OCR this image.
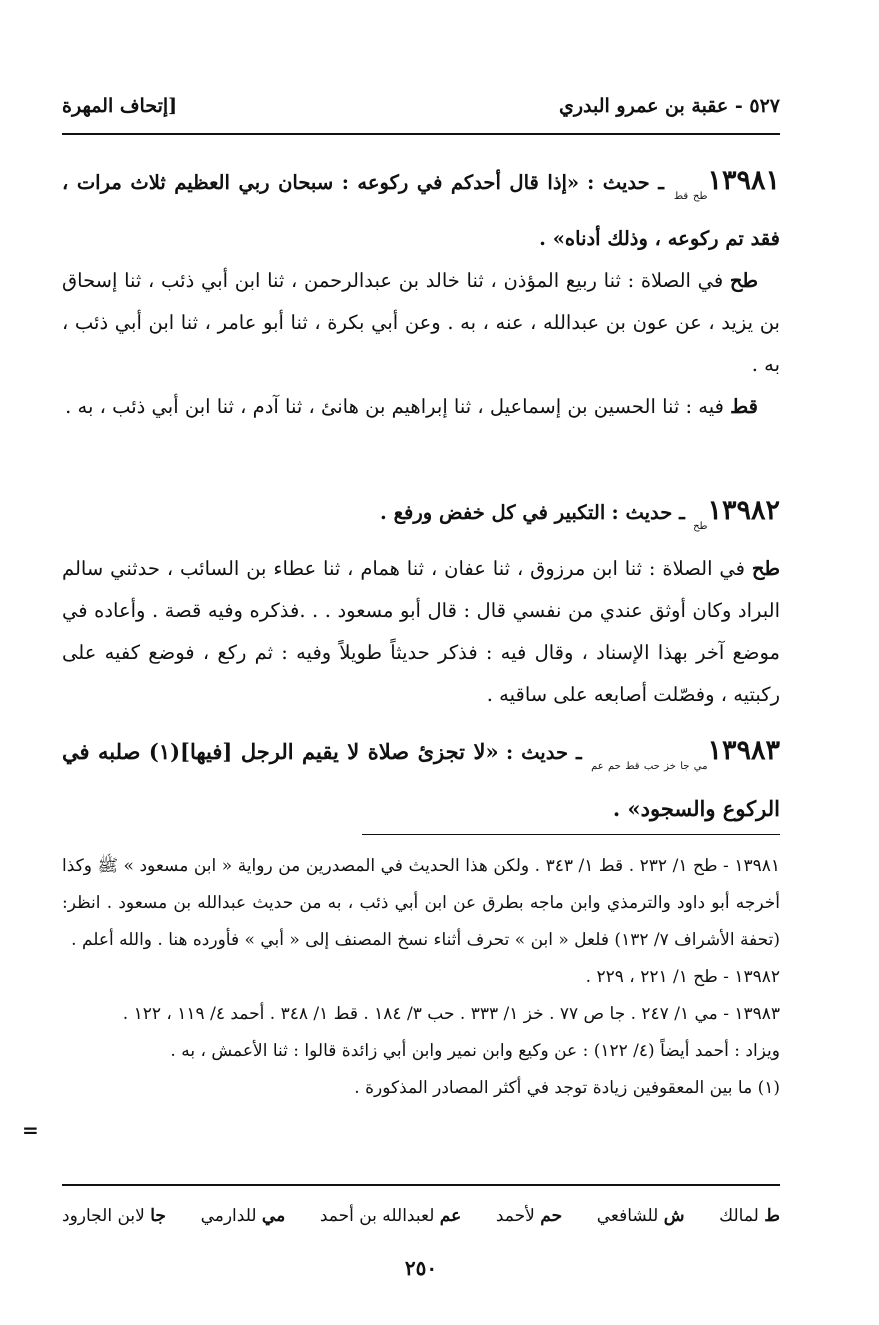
٥٢٧ - عقبة بن عمرو البدري
[إتحاف المهرة
$١٣٩٨١_{طح قط}$ ـ حديث : «إذا قال أحدكم في ركوعه : سبحان ربي العظيم ثلاث مرات ، فقد تم ركوعه ، وذلك أدناه» .
طح في الصلاة : ثنا ربيع المؤذن ، ثنا خالد بن عبدالرحمن ، ثنا ابن أبي ذئب ، ثنا إسحاق بن يزيد ، عن عون بن عبدالله ، عنه ، به . وعن أبي بكرة ، ثنا أبو عامر ، ثنا ابن أبي ذئب ، به .
قط فيه : ثنا الحسين بن إسماعيل ، ثنا إبراهيم بن هانئ ، ثنا آدم ، ثنا ابن أبي ذئب ، به .
$١٣٩٨٢_{طح}$ ـ حديث : التكبير في كل خفض ورفع .
طح في الصلاة : ثنا ابن مرزوق ، ثنا عفان ، ثنا همام ، ثنا عطاء بن السائب ، حدثني سالم البراد وكان أوثق عندي من نفسي قال : قال أبو مسعود . . .فذكره وفيه قصة . وأعاده في موضع آخر بهذا الإسناد ، وقال فيه : فذكر حديثاً طويلاً وفيه : ثم ركع ، فوضع كفيه على ركبتيه ، وفصّلت أصابعه على ساقيه .
$١٣٩٨٣_{مي جا خز حب قط حم عم}$ ـ حديث : «لا تجزئ صلاة لا يقيم الرجل [فيها](١) صلبه في الركوع والسجود» .

١٣٩٨١ - طح ١/ ٢٣٢ . قط ١/ ٣٤٣ . ولكن هذا الحديث في المصدرين من رواية « ابن مسعود » ﷺ وكذا أخرجه أبو داود والترمذي وابن ماجه بطرق عن ابن أبي ذئب ، به من حديث عبدالله بن مسعود . انظر: (تحفة الأشراف ٧/ ١٣٢) فلعل « ابن » تحرف أثناء نسخ المصنف إلى « أبي » فأورده هنا . والله أعلم .

١٣٩٨٢ - طح ١/ ٢٢١ ، ٢٢٩ .

١٣٩٨٣ - مي ١/ ٢٤٧ . جا ص ٧٧ . خز ١/ ٣٣٣ . حب ٣/ ١٨٤ . قط ١/ ٣٤٨ . أحمد ٤/ ١١٩ ، ١٢٢ .

ويزاد : أحمد أيضاً (٤/ ١٢٢) : عن وكيع وابن نمير وابن أبي زائدة قالوا : ثنا الأعمش ، به .

(١) ما بين المعقوفين زيادة توجد في أكثر المصادر المذكورة .

=
ط لمالك
ش للشافعي
حم لأحمد
عم لعبدالله بن أحمد
مي للدارمي
جا لابن الجارود
٢٥٠
